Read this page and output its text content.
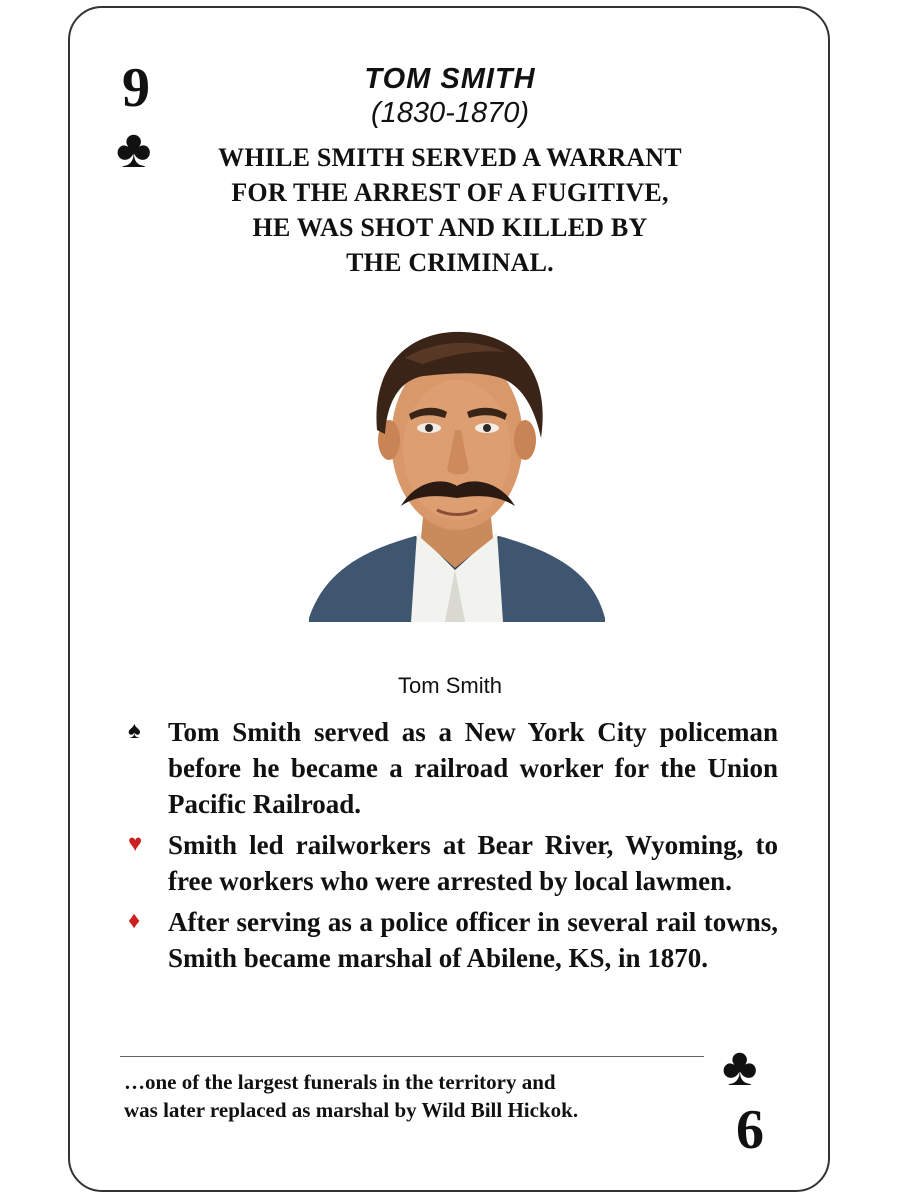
9
♣
TOM SMITH
(1830-1870)
WHILE SMITH SERVED A WARRANT
FOR THE ARREST OF A FUGITIVE,
HE WAS SHOT AND KILLED BY
THE CRIMINAL.
Tom Smith
♠ Tom Smith served as a New York City policeman before he became a railroad worker for the Union Pacific Railroad.
♥ Smith led railworkers at Bear River, Wyoming, to free workers who were arrested by local lawmen.
♦ After serving as a police officer in several rail towns, Smith became marshal of Abilene, KS, in 1870.
…one of the largest funerals in the territory and
was later replaced as marshal by Wild Bill Hickok.
♣
6
